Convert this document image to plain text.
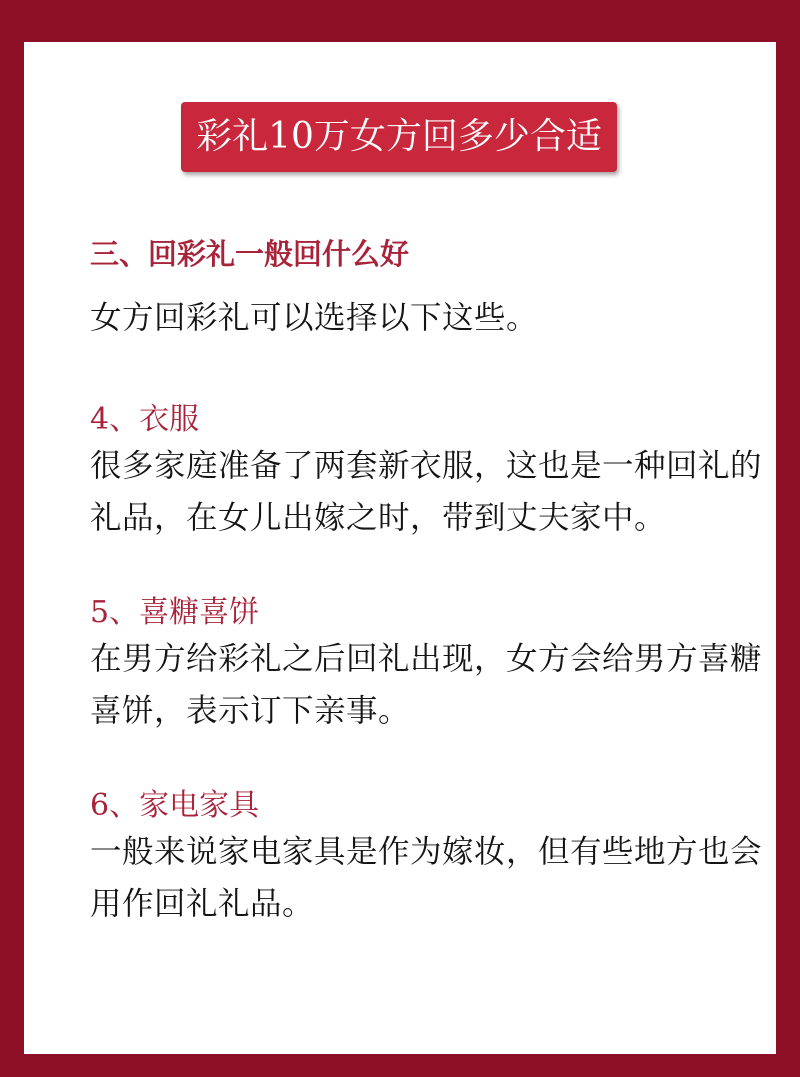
彩礼10万女方回多少合适
三、回彩礼一般回什么好
女方回彩礼可以选择以下这些。
4、衣服
很多家庭准备了两套新衣服，这也是一种回礼的礼品，在女儿出嫁之时，带到丈夫家中。
5、喜糖喜饼
在男方给彩礼之后回礼出现，女方会给男方喜糖喜饼，表示订下亲事。
6、家电家具
一般来说家电家具是作为嫁妆，但有些地方也会用作回礼礼品。
